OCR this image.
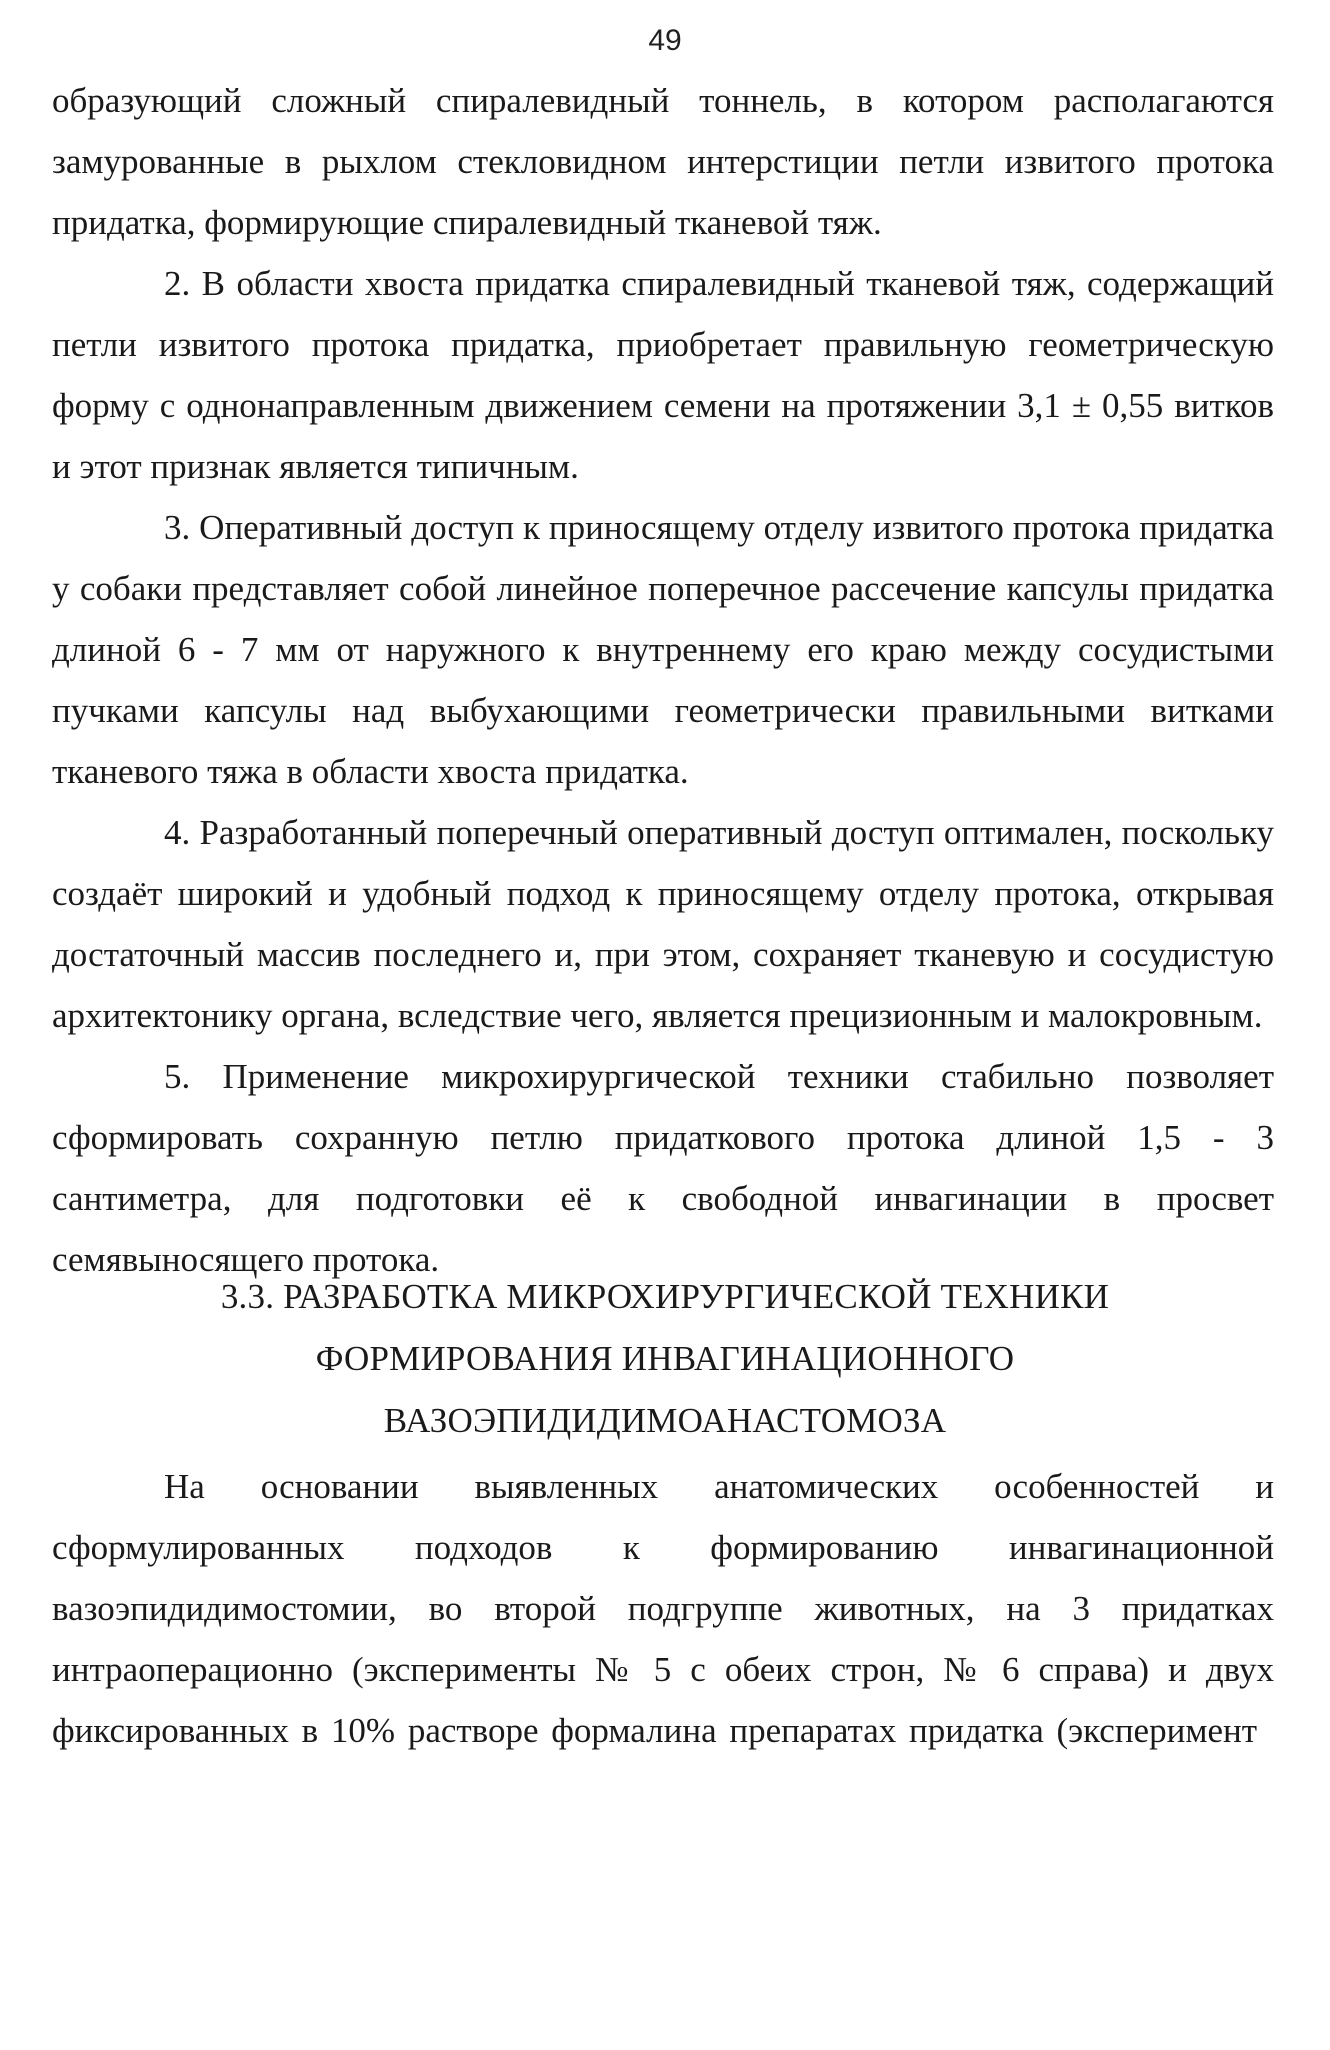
49

образующий сложный спиралевидный тоннель, в котором располагаются замурованные в рыхлом стекловидном интерстиции петли извитого протока придатка, формирующие спиралевидный тканевой тяж.

2. В области хвоста придатка спиралевидный тканевой тяж, содержащий петли извитого протока придатка, приобретает правильную геометрическую форму с однонаправленным движением семени на протяжении 3,1 ± 0,55 витков и этот признак является типичным.

3. Оперативный доступ к приносящему отделу извитого протока придатка у собаки представляет собой линейное поперечное рассечение капсулы придатка длиной 6 - 7 мм от наружного к внутреннему его краю между сосудистыми пучками капсулы над выбухающими геометрически правильными витками тканевого тяжа в области хвоста придатка.

4. Разработанный поперечный оперативный доступ оптимален, поскольку создаёт широкий и удобный подход к приносящему отделу протока, открывая достаточный массив последнего и, при этом, сохраняет тканевую и сосудистую архитектонику органа, вследствие чего, является прецизионным и малокровным.

5. Применение микрохирургической техники стабильно позволяет сформировать сохранную петлю придаткового протока длиной 1,5 - 3 сантиметра, для подготовки её к свободной инвагинации в просвет семявыносящего протока.

3.3. РАЗРАБОТКА МИКРОХИРУРГИЧЕСКОЙ ТЕХНИКИ
ФОРМИРОВАНИЯ ИНВАГИНАЦИОННОГО
ВАЗОЭПИДИДИМОАНАСТОМОЗА

На основании выявленных анатомических особенностей и сформулированных подходов к формированию инвагинационной вазоэпидидимостомии, во второй подгруппе животных, на 3 придатках интраоперационно (эксперименты № 5 с обеих строн, № 6 справа) и двух фиксированных в 10% растворе формалина препаратах придатка (эксперимент
